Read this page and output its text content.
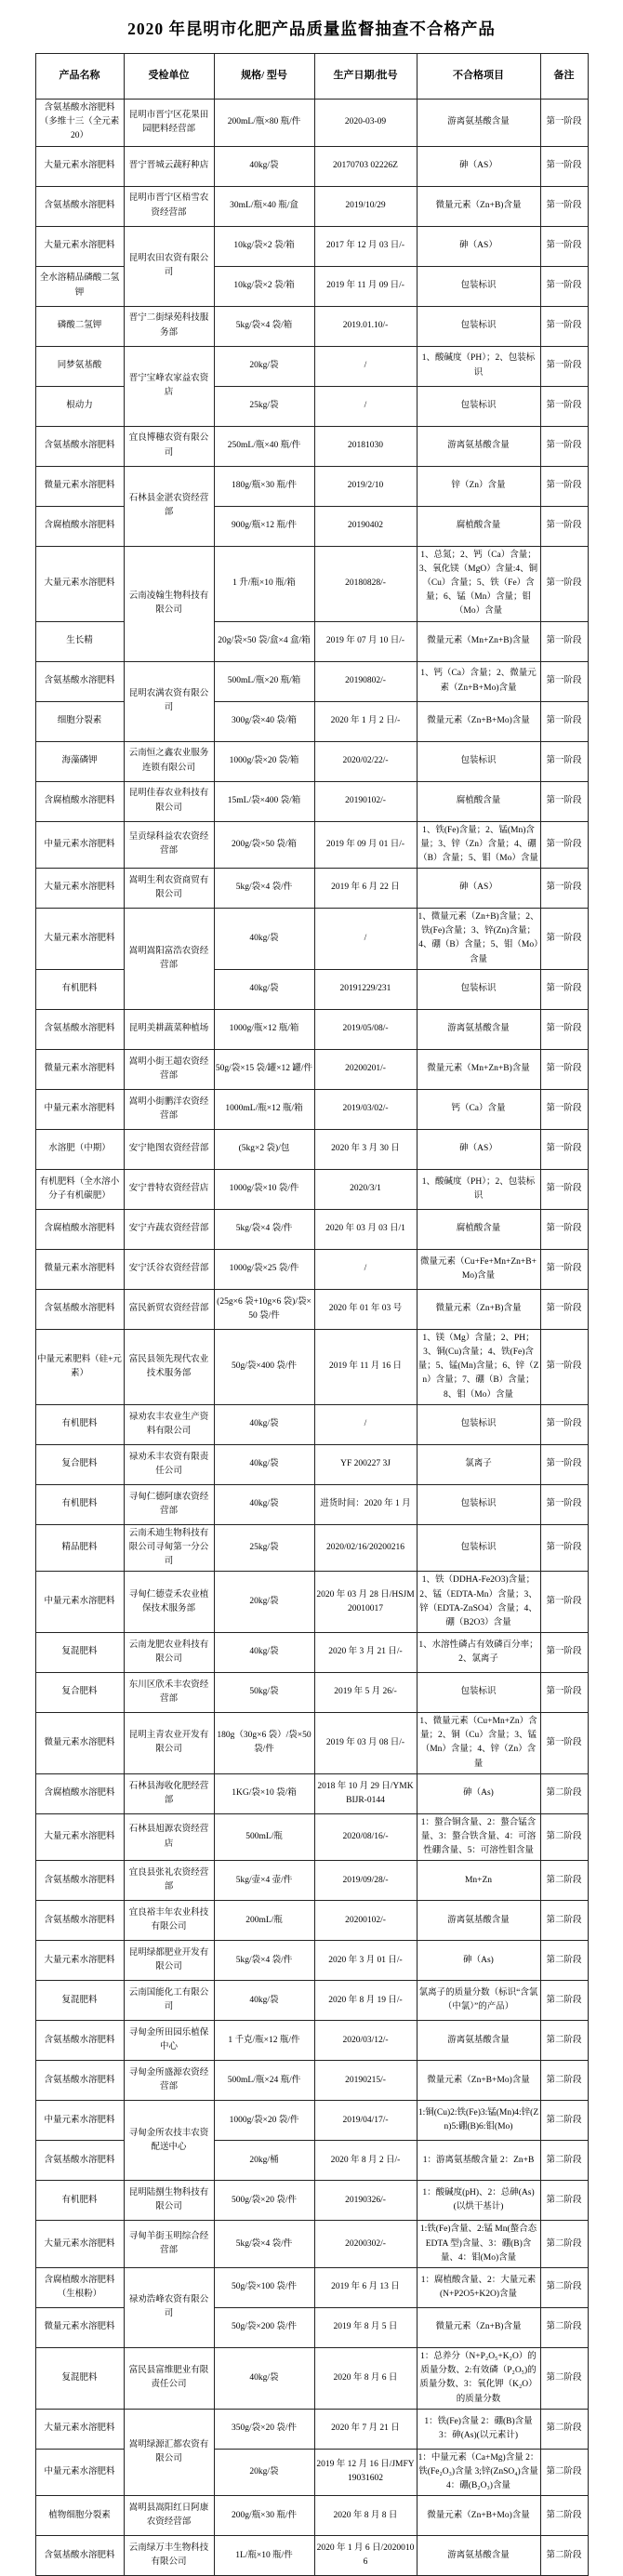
2020 年昆明市化肥产品质量监督抽查不合格产品
产品名称	受检单位	规格/ 型号	生产日期/批号	不合格项目	备注
含氨基酸水溶肥料（多维十三（全元素 20）	昆明市晋宁区花果田园肥料经营部	200mL/瓶×80 瓶/件	2020-03-09	游离氨基酸含量	第一阶段
大量元素水溶肥料	晋宁晋城云蔬籽种店	40kg/袋	20170703 02226Z	砷（AS）	第一阶段
含氨基酸水溶肥料	昆明市晋宁区梧雪农资经营部	30mL/瓶×40 瓶/盒	2019/10/29	微量元素（Zn+B)含量	第一阶段
大量元素水溶肥料	昆明农田农资有限公司	10kg/袋×2 袋/箱	2017 年 12 月 03 日/-	砷（AS）	第一阶段
全水溶精品磷酸二氢钾		10kg/袋×2 袋/箱	2019 年 11 月 09 日/-	包装标识	第一阶段
磷酸二氢钾	晋宁二街绿苑科技服务部	5kg/袋×4 袋/箱	2019.01.10/-	包装标识	第一阶段
同梦氨基酸	晋宁宝峰农家益农资店	20kg/袋	/	1、酸碱度（PH）；2、包装标识	第一阶段
根动力		25kg/袋	/	包装标识	第一阶段
含氨基酸水溶肥料	宜良博穗农资有限公司	250mL/瓶×40 瓶/件	20181030	游离氨基酸含量	第一阶段
微量元素水溶肥料	石林县金湛农资经营部	180g/瓶×30 瓶/件	2019/2/10	锌（Zn）含量	第一阶段
含腐植酸水溶肥料		900g/瓶×12 瓶/件	20190402	腐植酸含量	第一阶段
大量元素水溶肥料	云南凌翰生物科技有限公司	1 升/瓶×10 瓶/箱	20180828/-	1、总氮；2、钙（Ca）含量；3、氧化镁（MgO）含量:4、铜（Cu）含量；5、铁（Fe）含量；6、锰（Mn）含量；钼（Mo）含量	第一阶段
生长精		20g/袋×50 袋/盒×4 盒/箱	2019 年 07 月 10 日/-	微量元素（Mn+Zn+B)含量	第一阶段
含氨基酸水溶肥料	昆明农满农资有限公司	500mL/瓶×20 瓶/箱	20190802/-	1、钙（Ca）含量；2、微量元素（Zn+B+Mo)含量	第一阶段
细胞分裂素		300g/袋×40 袋/箱	2020 年 1 月 2 日/-	微量元素（Zn+B+Mo)含量	第一阶段
海藻磷钾	云南恒之鑫农业服务连锁有限公司	1000g/袋×20 袋/箱	2020/02/22/-	包装标识	第一阶段
含腐植酸水溶肥料	昆明佳春农业科技有限公司	15mL/袋×400 袋/箱	20190102/-	腐植酸含量	第一阶段
中量元素水溶肥料	呈贡绿科益农农资经营部	200g/袋×50 袋/箱	2019 年 09 月 01 日/-	1、铁(Fe)含量；2、锰(Mn)含量；3、锌（Zn）含量；4、硼（B）含量；5、钼（Mo）含量	第一阶段
大量元素水溶肥料	嵩明生利农资商贸有限公司	5kg/袋×4 袋/件	2019 年 6 月 22 日	砷（AS）	第一阶段
大量元素水溶肥料	嵩明嵩阳富浩农资经营部	40kg/袋	/	1、微量元素（Zn+B)含量；2、铁(Fe)含量；3、锌(Zn)含量；4、硼（B）含量；5、钼（Mo）含量	第一阶段
有机肥料		40kg/袋	20191229/231	包装标识	第一阶段
含氨基酸水溶肥料	昆明美耕蔬菜种植场	1000g/瓶×12 瓶/箱	2019/05/08/-	游离氨基酸含量	第一阶段
微量元素水溶肥料	嵩明小街王超农资经营部	50g/袋×15 袋/罐×12 罐/件	20200201/-	微量元素（Mn+Zn+B)含量	第一阶段
中量元素水溶肥料	嵩明小街鹏洋农资经营部	1000mL/瓶×12 瓶/箱	2019/03/02/-	钙（Ca）含量	第一阶段
水溶肥（中期）	安宁艳图农资经营部	(5kg×2 袋)/包	2020 年 3 月 30 日	砷（AS）	第一阶段
有机肥料（全水溶小分子有机碳肥）	安宁普特农资经营店	1000g/袋×10 袋/件	2020/3/1	1、酸碱度（PH）；2、包装标识	第一阶段
含腐植酸水溶肥料	安宁卉蔬农资经营部	5kg/袋×4 袋/件	2020 年 03 月 03 日/1	腐植酸含量	第一阶段
微量元素水溶肥料	安宁沃谷农资经营部	1000g/袋×25 袋/件	/	微量元素（Cu+Fe+Mn+Zn+B+Mo)含量	第一阶段
含氨基酸水溶肥料	富民新贸农资经营部	(25g×6 袋+10g×6 袋)/袋×50 袋/件	2020 年 01 年 03 号	微量元素（Zn+B)含量	第一阶段
中量元素肥料（硅+元素）	富民县领先现代农业技术服务部	50g/袋×400 袋/件	2019 年 11 月 16 日	1、镁（Mg）含量；2、PH；3、铜(Cu)含量；4、铁(Fe)含量；5、锰(Mn)含量；6、锌（Zn）含量；7、硼（B）含量；8、钼（Mo）含量	第一阶段
有机肥料	禄劝农丰农业生产资料有限公司	40kg/袋	/	包装标识	第一阶段
复合肥料	禄劝禾丰农资有限责任公司	40kg/袋	YF 200227 3J	氯离子	第一阶段
有机肥料	寻甸仁德阿康农资经营部	40kg/袋	进货时间：2020 年 1 月	包装标识	第一阶段
精品肥料	云南禾迪生物科技有限公司寻甸第一分公司	25kg/袋	2020/02/16/20200216	包装标识	第一阶段
中量元素水溶肥料	寻甸仁德壹禾农业植保技术服务部	20kg/袋	2020 年 03 月 28 日/HSJM20010017	1、铁（DDHA-Fe2O3)含量；2、锰（EDTA-Mn）含量；3、锌（EDTA-ZnSO4）含量；4、硼（B2O3）含量	第一阶段
复混肥料	云南龙肥农业科技有限公司	40kg/袋	2020 年 3 月 21 日/-	1、水溶性磷占有效磷百分率；2、氯离子	第一阶段
复合肥料	东川区欣禾丰农资经营部	50kg/袋	2019 年 5 月 26/-	包装标识	第一阶段
微量元素水溶肥料	昆明主青农业开发有限公司	180g（30g×6 袋）/袋×50 袋/件	2019 年 03 月 08 日/-	1、微量元素（Cu+Mn+Zn）含量；2、铜（Cu）含量；3、锰（Mn）含量；4、锌（Zn）含量	第一阶段
含腐植酸水溶肥料	石林县海收化肥经营部	1KG/袋×10 袋/箱	2018 年 10 月 29 日/YMKBIJR-0144	砷（As)	第二阶段
大量元素水溶肥料	石林县旭源农资经营店	500mL/瓶	2020/08/16/-	1：螯合铜含量、2：螯合锰含量、3：螯合铁含量、4：可溶性硼含量、5：可溶性钼含量	第二阶段
含氨基酸水溶肥料	宜良县张礼农资经营部	5kg/壶×4 壶/件	2019/09/28/-	Mn+Zn	第二阶段
含氨基酸水溶肥料	宜良裕丰年农业科技有限公司	200mL/瓶	20200102/-	游离氨基酸含量	第二阶段
大量元素水溶肥料	昆明绿都肥业开发有限公司	5kg/袋×4 袋/件	2020 年 3 月 01 日/-	砷（As)	第二阶段
复混肥料	云南国能化工有限公司	40kg/袋	2020 年 8 月 19 日/-	氯离子的质量分数（标识“含氯（中氯）”的产品）	第二阶段
含氨基酸水溶肥料	寻甸金所田园乐植保中心	1 千克/瓶×12 瓶/件	2020/03/12/-	游离氨基酸含量	第二阶段
含氨基酸水溶肥料	寻甸金所盛源农资经营部	500mL/瓶×24 瓶/件	20190215/-	微量元素（Zn+B+Mo)含量	第二阶段
中量元素水溶肥料	寻甸金所农技丰农资配送中心	1000g/袋×20 袋/件	2019/04/17/-	1:铜(Cu)2:铁(Fe)3:锰(Mn)4:锌(Zn)5:硼(B)6:钼(Mo)	第二阶段
含氨基酸水溶肥料		20kg/桶	2020 年 8 月 2 日/-	1：游离氨基酸含量 2：Zn+B	第二阶段
有机肥料	昆明陆捌生物科技有限公司	500g/袋×20 袋/件	20190326/-	1：酸碱度(pH)、2：总砷(As)(以烘干基计)	第二阶段
大量元素水溶肥料	寻甸羊街玉明综合经营部	5kg/袋×4 袋/件	20200302/-	1:铁(Fe)含量、2:锰 Mn(螯合态 EDTA 型)含量、3：硼(B)含量、4：钼(Mo)含量	第二阶段
含腐植酸水溶肥料（生根粉）	禄劝浩峰农资有限公司	50g/袋×100 袋/件	2019 年 6 月 13 日	1：腐植酸含量、2：大量元素(N+P2O5+K2O)含量	第二阶段
微量元素水溶肥料		50g/袋×200 袋/件	2019 年 8 月 5 日	微量元素（Zn+B)含量	第二阶段
复混肥料	富民县富维肥业有限责任公司	40kg/袋	2020 年 8 月 6 日	1：总养分（N+P₂O₅+K₂O）的质量分数、2:有效磷（P₂O₅)的质量分数、3：氧化钾（K₂O）的质量分数	第二阶段
大量元素水溶肥料	嵩明绿源汇都农资有限公司	350g/袋×20 袋/件	2020 年 7 月 21 日	1：铁(Fe)含量 2：硼(B)含量 3：砷(As)(以元素计)	第二阶段
中量元素水溶肥料		20kg/袋	2019 年 12 月 16 日/JMFY19031602	1：中量元素（Ca+Mg)含量 2：铁(Fe₂O₃)含量 3;锌(ZnSO₄)含量 4：硼(B₂O₃)含量	第二阶段
植物细胞分裂素	嵩明县嵩阳红日阿康农资经营部	200g/瓶×30 瓶/件	2020 年 8 月 8 日	微量元素（Zn+B+Mo)含量	第二阶段
含氨基酸水溶肥料	云南绿万丰生物科技有限公司	1L/瓶×10 瓶/件	2020 年 1 月 6 日/20200106	游离氨基酸含量	第二阶段
